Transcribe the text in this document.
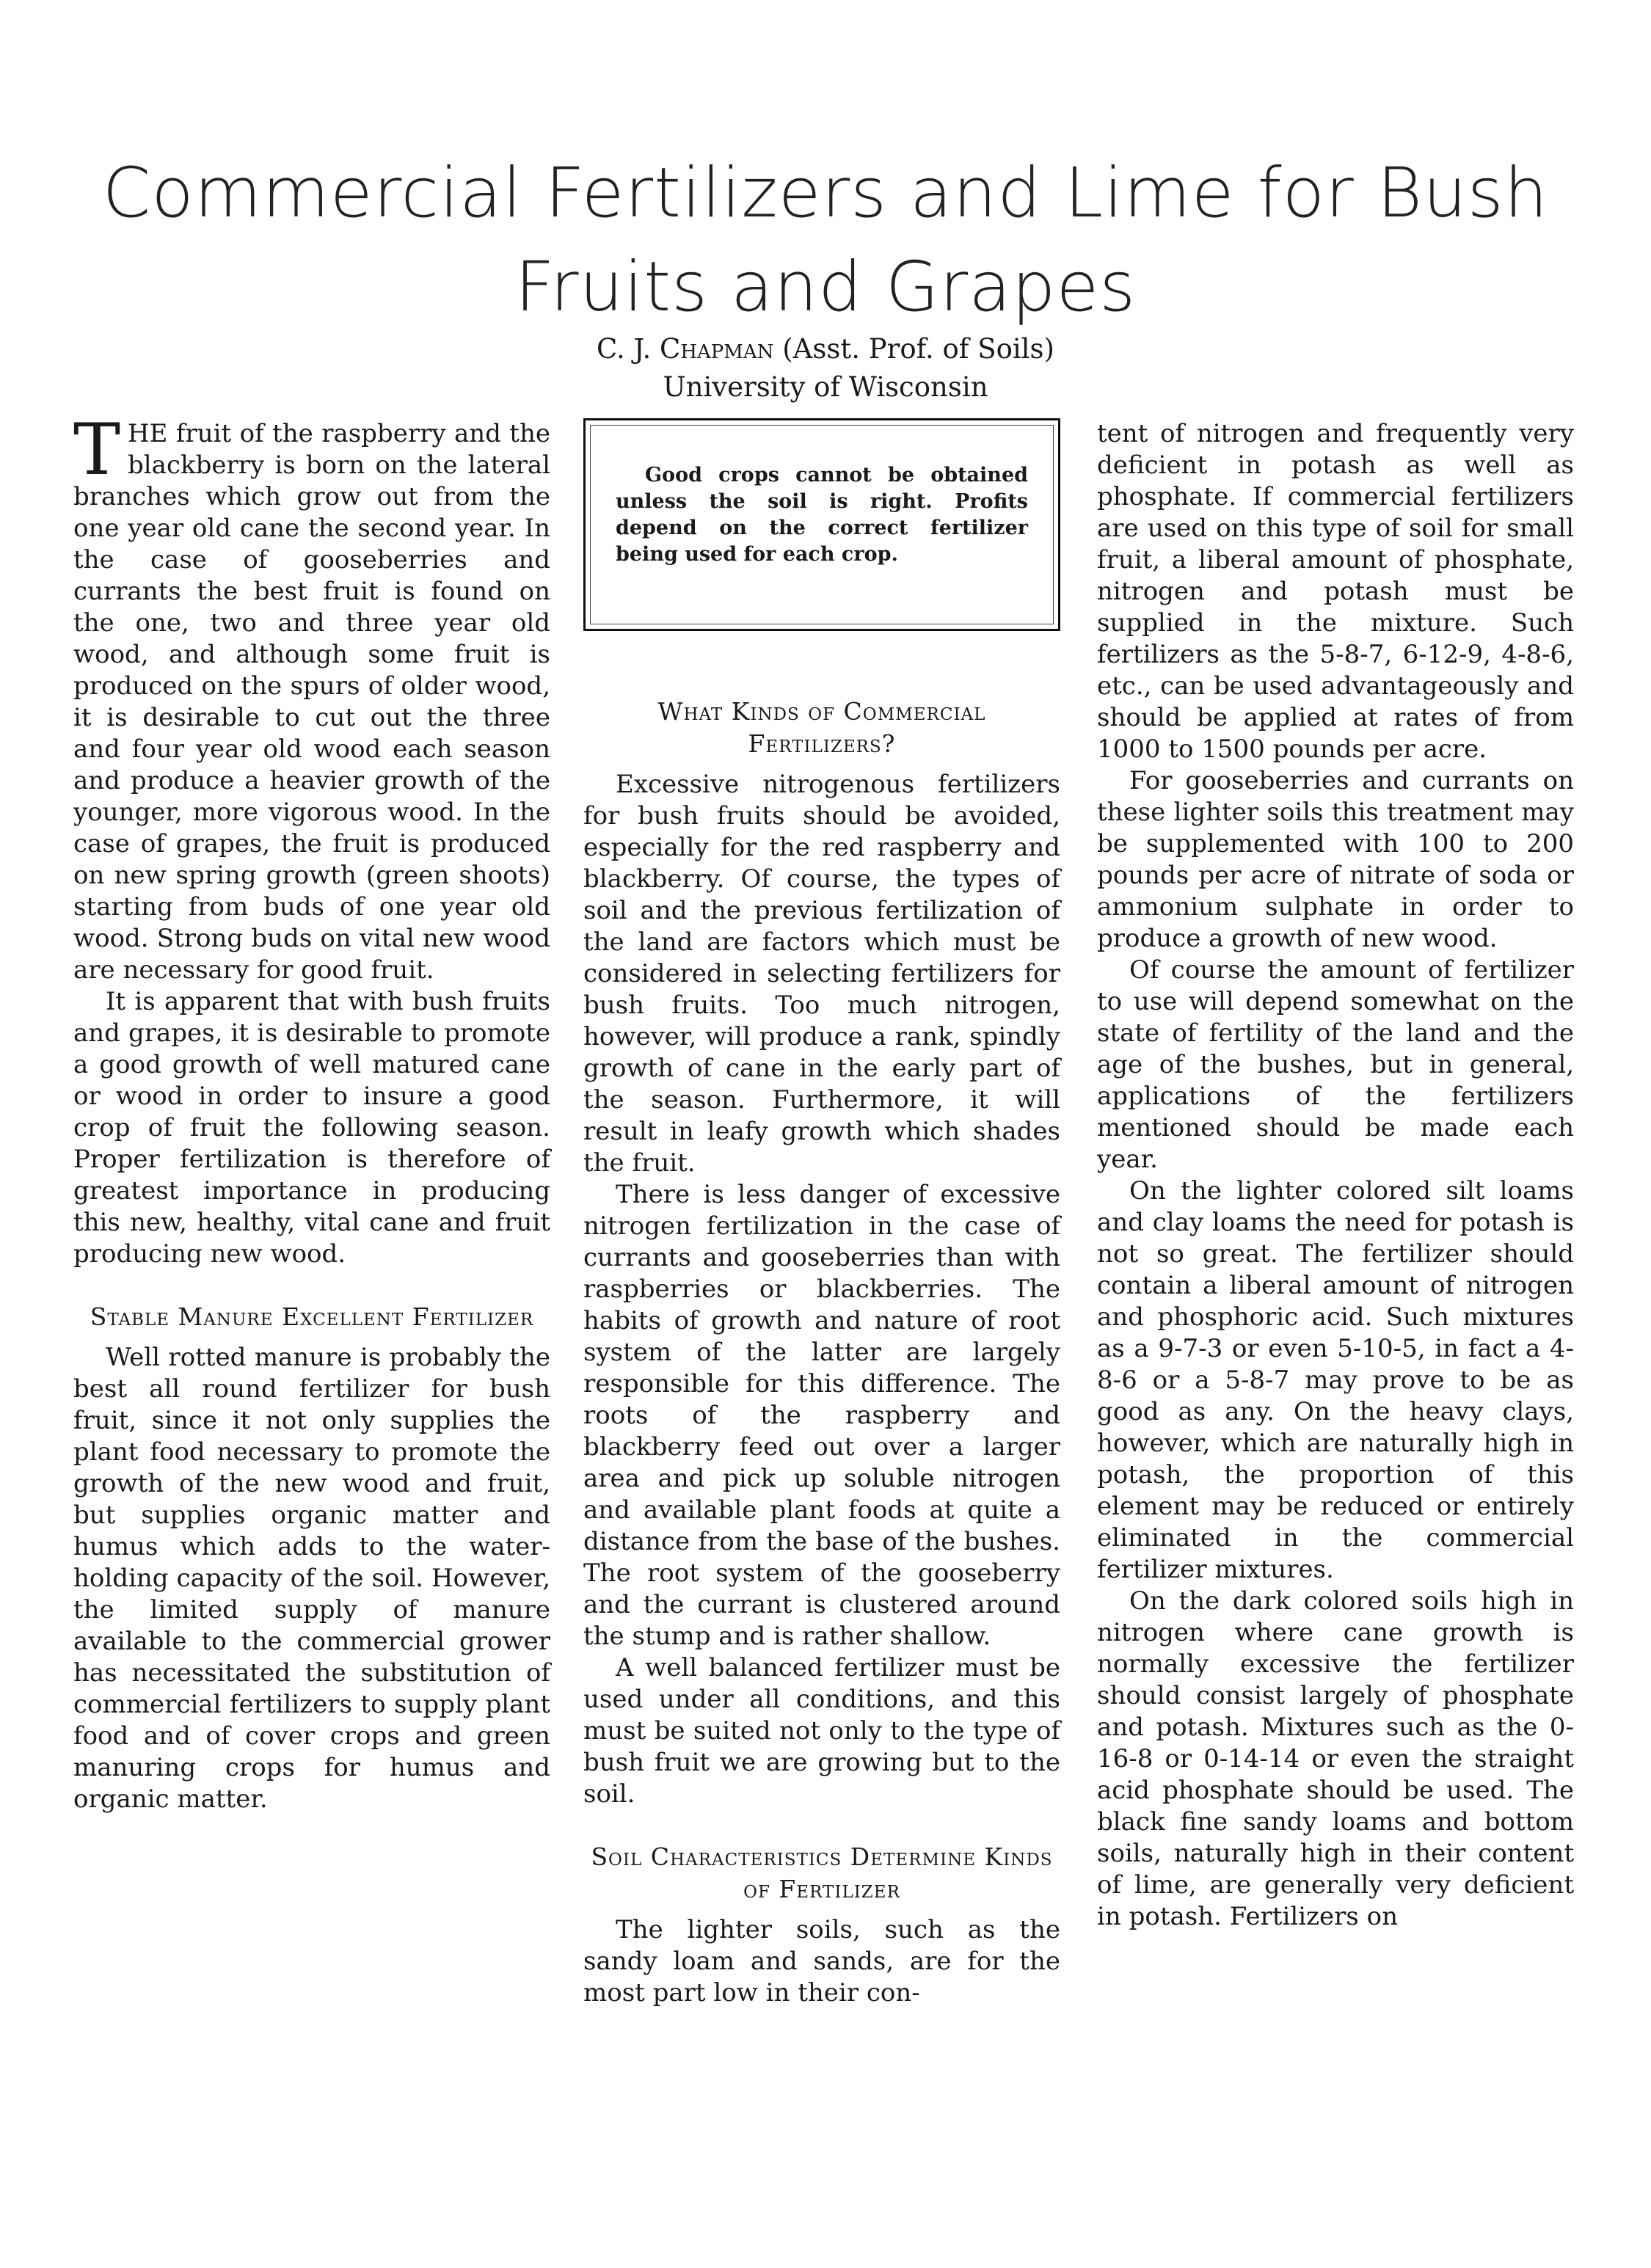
Commercial Fertilizers and Lime for Bush Fruits and Grapes
C. J. Chapman (Asst. Prof. of Soils)
University of Wisconsin

THE fruit of the raspberry and the blackberry is born on the lateral branches which grow out from the one year old cane the second year. In the case of gooseberries and currants the best fruit is found on the one, two and three year old wood, and although some fruit is produced on the spurs of older wood, it is desirable to cut out the three and four year old wood each season and produce a heavier growth of the younger, more vigorous wood. In the case of grapes, the fruit is produced on new spring growth (green shoots) starting from buds of one year old wood. Strong buds on vital new wood are necessary for good fruit.

It is apparent that with bush fruits and grapes, it is desirable to promote a good growth of well matured cane or wood in order to insure a good crop of fruit the following season. Proper fertilization is therefore of greatest importance in producing this new, healthy, vital cane and fruit producing new wood.

Stable Manure Excellent Fertilizer

Well rotted manure is probably the best all round fertilizer for bush fruit, since it not only supplies the plant food necessary to promote the growth of the new wood and fruit, but supplies organic matter and humus which adds to the water-holding capacity of the soil. However, the limited supply of manure available to the commercial grower has necessitated the substitution of commercial fertilizers to supply plant food and of cover crops and green manuring crops for humus and organic matter.

Good crops cannot be obtained unless the soil is right. Profits depend on the correct fertilizer being used for each crop.

What Kinds of Commercial Fertilizers?

Excessive nitrogenous fertilizers for bush fruits should be avoided, especially for the red raspberry and blackberry. Of course, the types of soil and the previous fertilization of the land are factors which must be considered in selecting fertilizers for bush fruits. Too much nitrogen, however, will produce a rank, spindly growth of cane in the early part of the season. Furthermore, it will result in leafy growth which shades the fruit.

There is less danger of excessive nitrogen fertilization in the case of currants and gooseberries than with raspberries or blackberries. The habits of growth and nature of root system of the latter are largely responsible for this difference. The roots of the raspberry and blackberry feed out over a larger area and pick up soluble nitrogen and available plant foods at quite a distance from the base of the bushes. The root system of the gooseberry and the currant is clustered around the stump and is rather shallow.

A well balanced fertilizer must be used under all conditions, and this must be suited not only to the type of bush fruit we are growing but to the soil.

Soil Characteristics Determine Kinds of Fertilizer

The lighter soils, such as the sandy loam and sands, are for the most part low in their con-

tent of nitrogen and frequently very deficient in potash as well as phosphate. If commercial fertilizers are used on this type of soil for small fruit, a liberal amount of phosphate, nitrogen and potash must be supplied in the mixture. Such fertilizers as the 5-8-7, 6-12-9, 4-8-6, etc., can be used advantageously and should be applied at rates of from 1000 to 1500 pounds per acre.

For gooseberries and currants on these lighter soils this treatment may be supplemented with 100 to 200 pounds per acre of nitrate of soda or ammonium sulphate in order to produce a growth of new wood.

Of course the amount of fertilizer to use will depend somewhat on the state of fertility of the land and the age of the bushes, but in general, applications of the fertilizers mentioned should be made each year.

On the lighter colored silt loams and clay loams the need for potash is not so great. The fertilizer should contain a liberal amount of nitrogen and phosphoric acid. Such mixtures as a 9-7-3 or even 5-10-5, in fact a 4-8-6 or a 5-8-7 may prove to be as good as any. On the heavy clays, however, which are naturally high in potash, the proportion of this element may be reduced or entirely eliminated in the commercial fertilizer mixtures.

On the dark colored soils high in nitrogen where cane growth is normally excessive the fertilizer should consist largely of phosphate and potash. Mixtures such as the 0-16-8 or 0-14-14 or even the straight acid phosphate should be used. The black fine sandy loams and bottom soils, naturally high in their content of lime, are generally very deficient in potash. Fertilizers on
